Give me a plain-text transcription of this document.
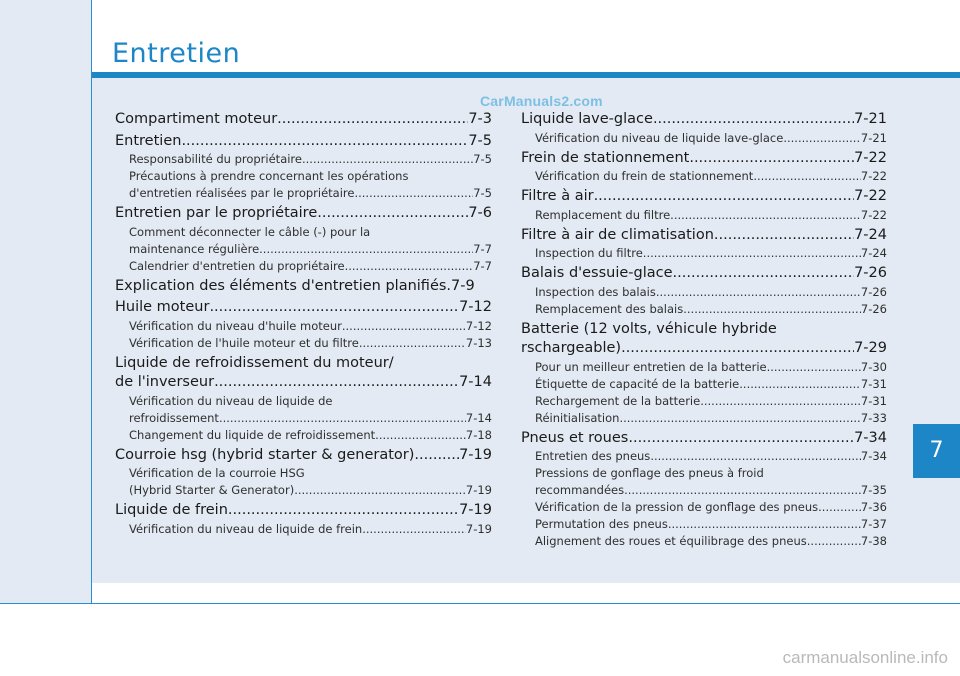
Entretien
CarManuals2.com
Compartiment moteur .....	7-3
Entretien .....	7-5
Responsabilité du propriétaire .....	7-5
Précautions à prendre concernant les opérations
d'entretien réalisées par le propriétaire .....	7-5
Entretien par le propriétaire .....	7-6
Comment déconnecter le câble (-) pour la
maintenance régulière .....	7-7
Calendrier d'entretien du propriétaire .....	7-7
Explication des éléments d'entretien planifiés . 7-9
Huile moteur .....	7-12
Vérification du niveau d'huile moteur .....	7-12
Vérification de l'huile moteur et du filtre .....	7-13
Liquide de refroidissement du moteur/
de l'inverseur .....	7-14
Vérification du niveau de liquide de
refroidissement .....	7-14
Changement du liquide de refroidissement .....	7-18
Courroie hsg (hybrid starter & generator) .....	7-19
Vérification de la courroie HSG
(Hybrid Starter & Generator) .....	7-19
Liquide de frein .....	7-19
Vérification du niveau de liquide de frein .....	7-19
Liquide lave-glace .....	7-21
Vérification du niveau de liquide lave-glace .....	7-21
Frein de stationnement .....	7-22
Vérification du frein de stationnement .....	7-22
Filtre à air .....	7-22
Remplacement du filtre .....	7-22
Filtre à air de climatisation .....	7-24
Inspection du filtre .....	7-24
Balais d'essuie-glace .....	7-26
Inspection des balais .....	7-26
Remplacement des balais .....	7-26
Batterie (12 volts, véhicule hybride
rschargeable) .....	7-29
Pour un meilleur entretien de la batterie .....	7-30
Étiquette de capacité de la batterie .....	7-31
Rechargement de la batterie .....	7-31
Réinitialisation .....	7-33
Pneus et roues .....	7-34
Entretien des pneus .....	7-34
Pressions de gonflage des pneus à froid
recommandées .....	7-35
Vérification de la pression de gonflage des pneus .....	7-36
Permutation des pneus .....	7-37
Alignement des roues et équilibrage des pneus .....	7-38
7
carmanualsonline.info
